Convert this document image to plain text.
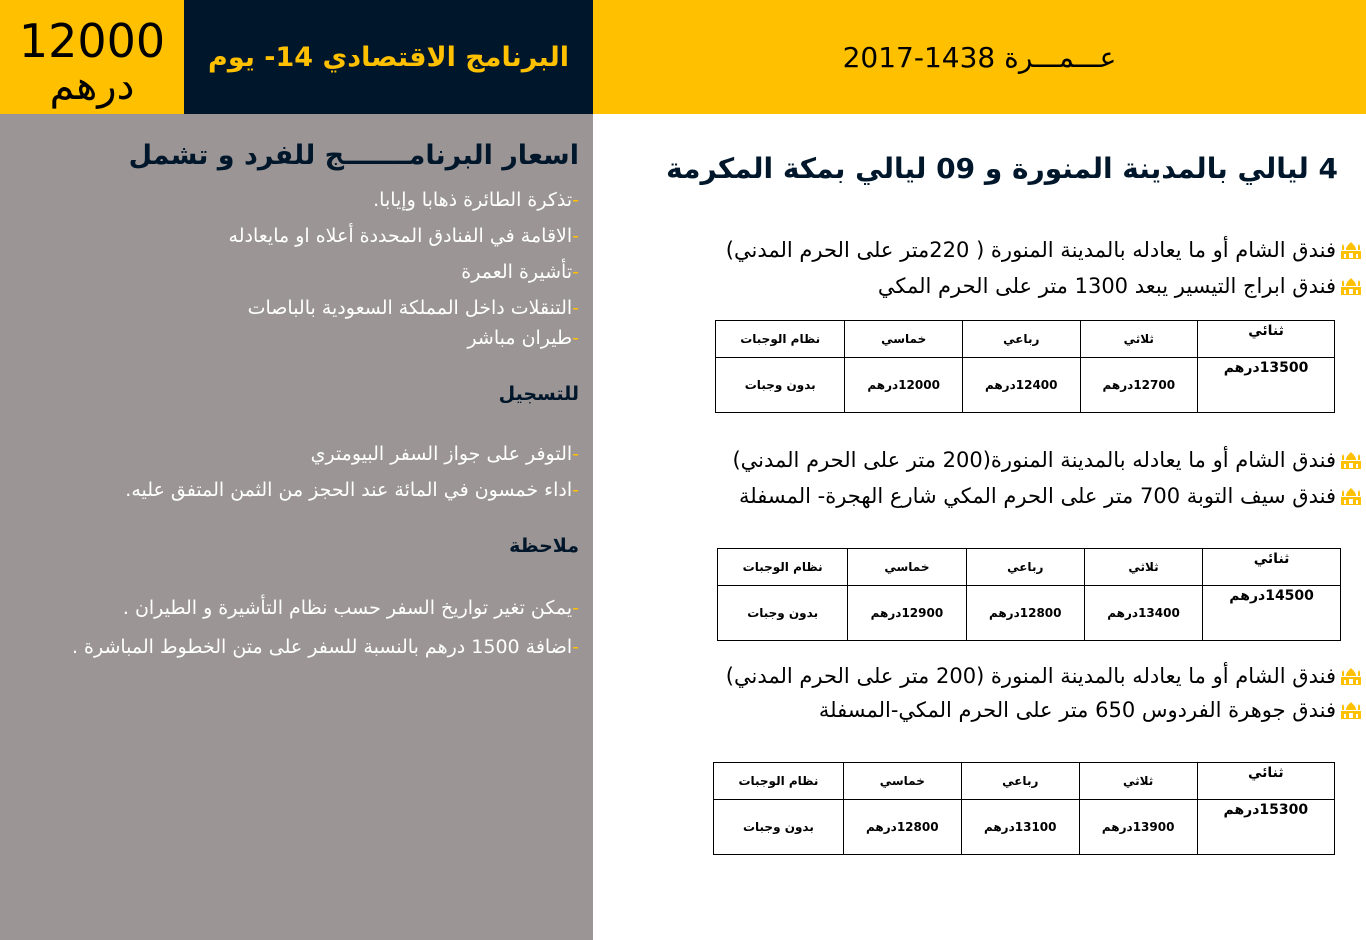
12000
درهم
البرنامج الاقتصادي 14- يوم	عـــمـــرة 1438-2017
اسعار البرنامـــــــج للفرد و تشمل
-تذكرة الطائرة ذهابا وإيابا.
-الاقامة في الفنادق المحددة أعلاه او مايعادله
-تأشيرة العمرة
-التنقلات داخل المملكة السعودية بالباصات
-طيران مباشر
للتسجيل
-التوفر على جواز السفر البيومتري
-اداء خمسون في المائة عند الحجز من الثمن المتفق عليه.
ملاحظة
-يمكن تغير تواريخ السفر حسب نظام التأشيرة و الطيران .
-اضافة 1500 درهم بالنسبة للسفر على متن الخطوط المباشرة .
4 ليالي بالمدينة المنورة و 09 ليالي بمكة المكرمة
فندق الشام أو ما يعادله بالمدينة المنورة ( 220متر على الحرم المدني)
فندق ابراج التيسير يبعد 1300 متر على الحرم المكي
ثنائي	ثلاثي	رباعي	خماسي	نظام الوجبات
13500درهم	12700درهم	12400درهم	12000درهم	بدون وجبات
فندق الشام أو ما يعادله بالمدينة المنورة(200 متر على الحرم المدني)
فندق سيف التوبة 700 متر على الحرم المكي شارع الهجرة- المسفلة
ثنائي	ثلاثي	رباعي	خماسي	نظام الوجبات
14500درهم	13400درهم	12800درهم	12900درهم	بدون وجبات
فندق الشام أو ما يعادله بالمدينة المنورة (200 متر على الحرم المدني)
فندق جوهرة الفردوس 650 متر على الحرم المكي-المسفلة
ثنائي	ثلاثي	رباعي	خماسي	نظام الوجبات
15300درهم	13900درهم	13100درهم	12800درهم	بدون وجبات
